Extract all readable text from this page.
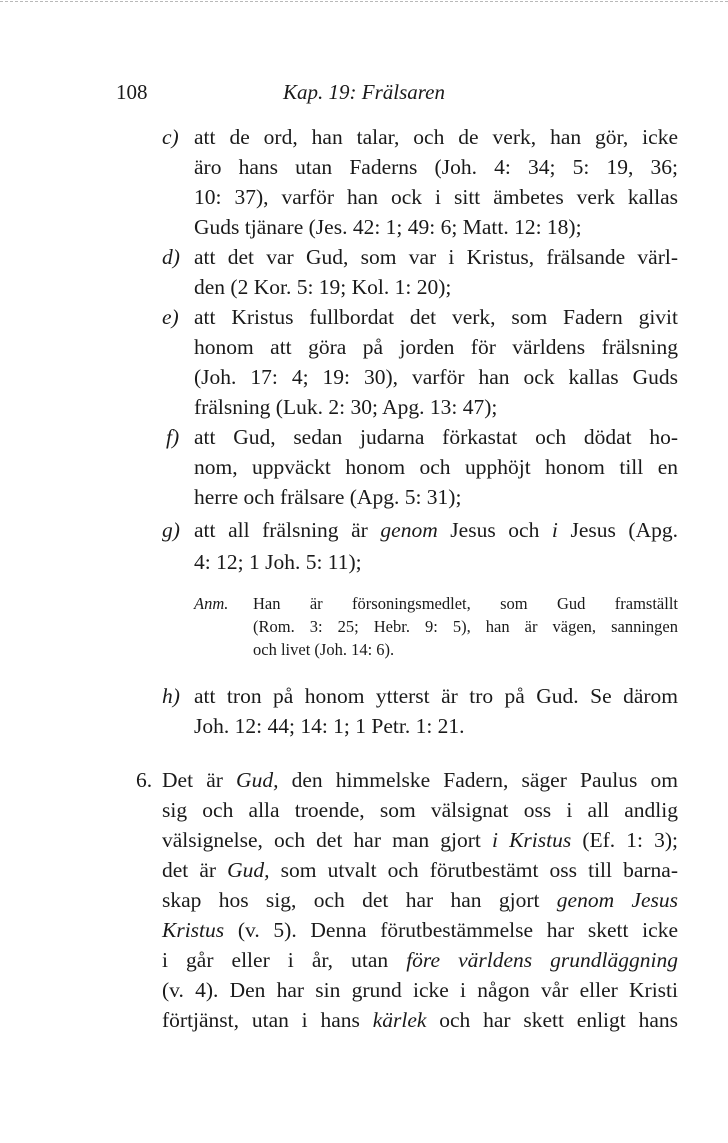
108	Kap. 19: Frälsaren
c) att de ord, han talar, och de verk, han gör, icke
äro hans utan Faderns (Joh. 4: 34; 5: 19, 36;
10: 37), varför han ock i sitt ämbetes verk kallas
Guds tjänare (Jes. 42: 1; 49: 6; Matt. 12: 18);
d) att det var Gud, som var i Kristus, frälsande värl-
den (2 Kor. 5: 19; Kol. 1: 20);
e) att Kristus fullbordat det verk, som Fadern givit
honom att göra på jorden för världens frälsning
(Joh. 17: 4; 19: 30), varför han ock kallas Guds
frälsning (Luk. 2: 30; Apg. 13: 47);
f) att Gud, sedan judarna förkastat och dödat ho-
nom, uppväckt honom och upphöjt honom till en
herre och frälsare (Apg. 5: 31);
g) att all frälsning är genom Jesus och i Jesus (Apg.
4: 12; 1 Joh. 5: 11);
Anm. Han är försoningsmedlet, som Gud framställt
(Rom. 3: 25; Hebr. 9: 5), han är vägen, sanningen
och livet (Joh. 14: 6).
h) att tron på honom ytterst är tro på Gud. Se därom
Joh. 12: 44; 14: 1; 1 Petr. 1: 21.
6. Det är Gud, den himmelske Fadern, säger Paulus om
sig och alla troende, som välsignat oss i all andlig
välsignelse, och det har man gjort i Kristus (Ef. 1: 3);
det är Gud, som utvalt och förutbestämt oss till barna-
skap hos sig, och det har han gjort genom Jesus
Kristus (v. 5). Denna förutbestämmelse har skett icke
i går eller i år, utan före världens grundläggning
(v. 4). Den har sin grund icke i någon vår eller Kristi
förtjänst, utan i hans kärlek och har skett enligt hans
